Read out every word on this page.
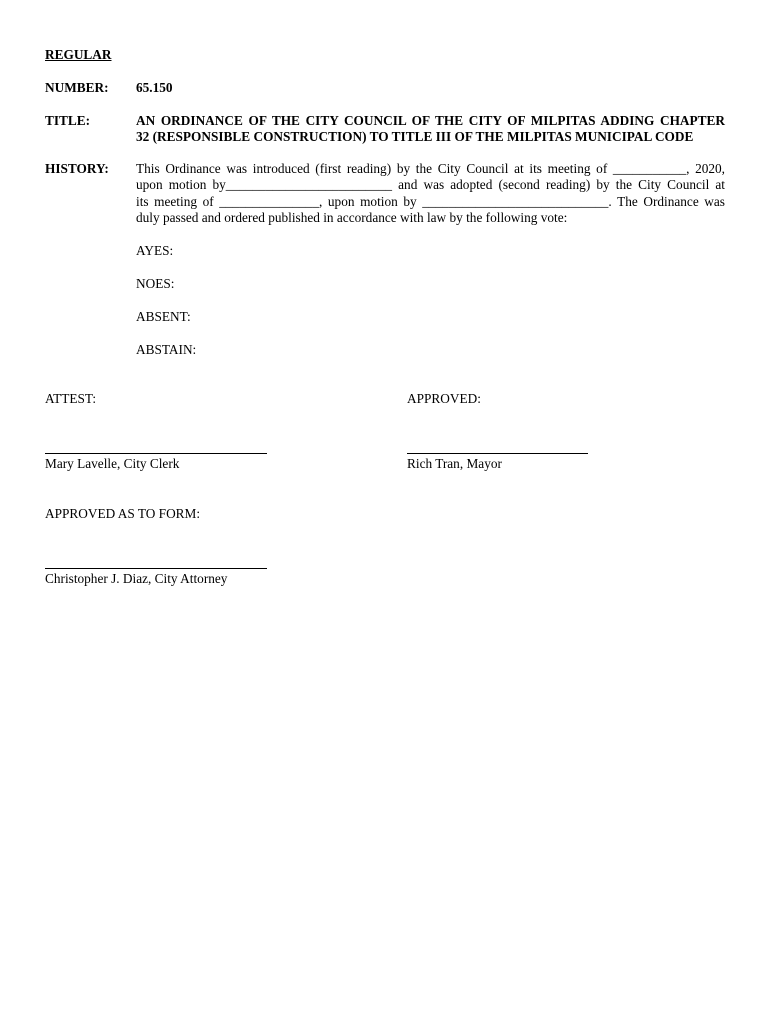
REGULAR
NUMBER: 65.150
TITLE:	AN ORDINANCE OF THE CITY COUNCIL OF THE CITY OF MILPITAS ADDING CHAPTER
32 (RESPONSIBLE CONSTRUCTION) TO TITLE III OF THE MILPITAS MUNICIPAL CODE
HISTORY: This Ordinance was introduced (first reading) by the City Council at its meeting of ___________, 2020,
upon motion by_________________________ and was adopted (second reading) by the City Council at
its meeting of _______________, upon motion by ____________________________. The Ordinance was
duly passed and ordered published in accordance with law by the following vote:
AYES:
NOES:
ABSENT:
ABSTAIN:
ATTEST:	APPROVED:
Mary Lavelle, City Clerk	Rich Tran, Mayor
APPROVED AS TO FORM:
Christopher J. Diaz, City Attorney
